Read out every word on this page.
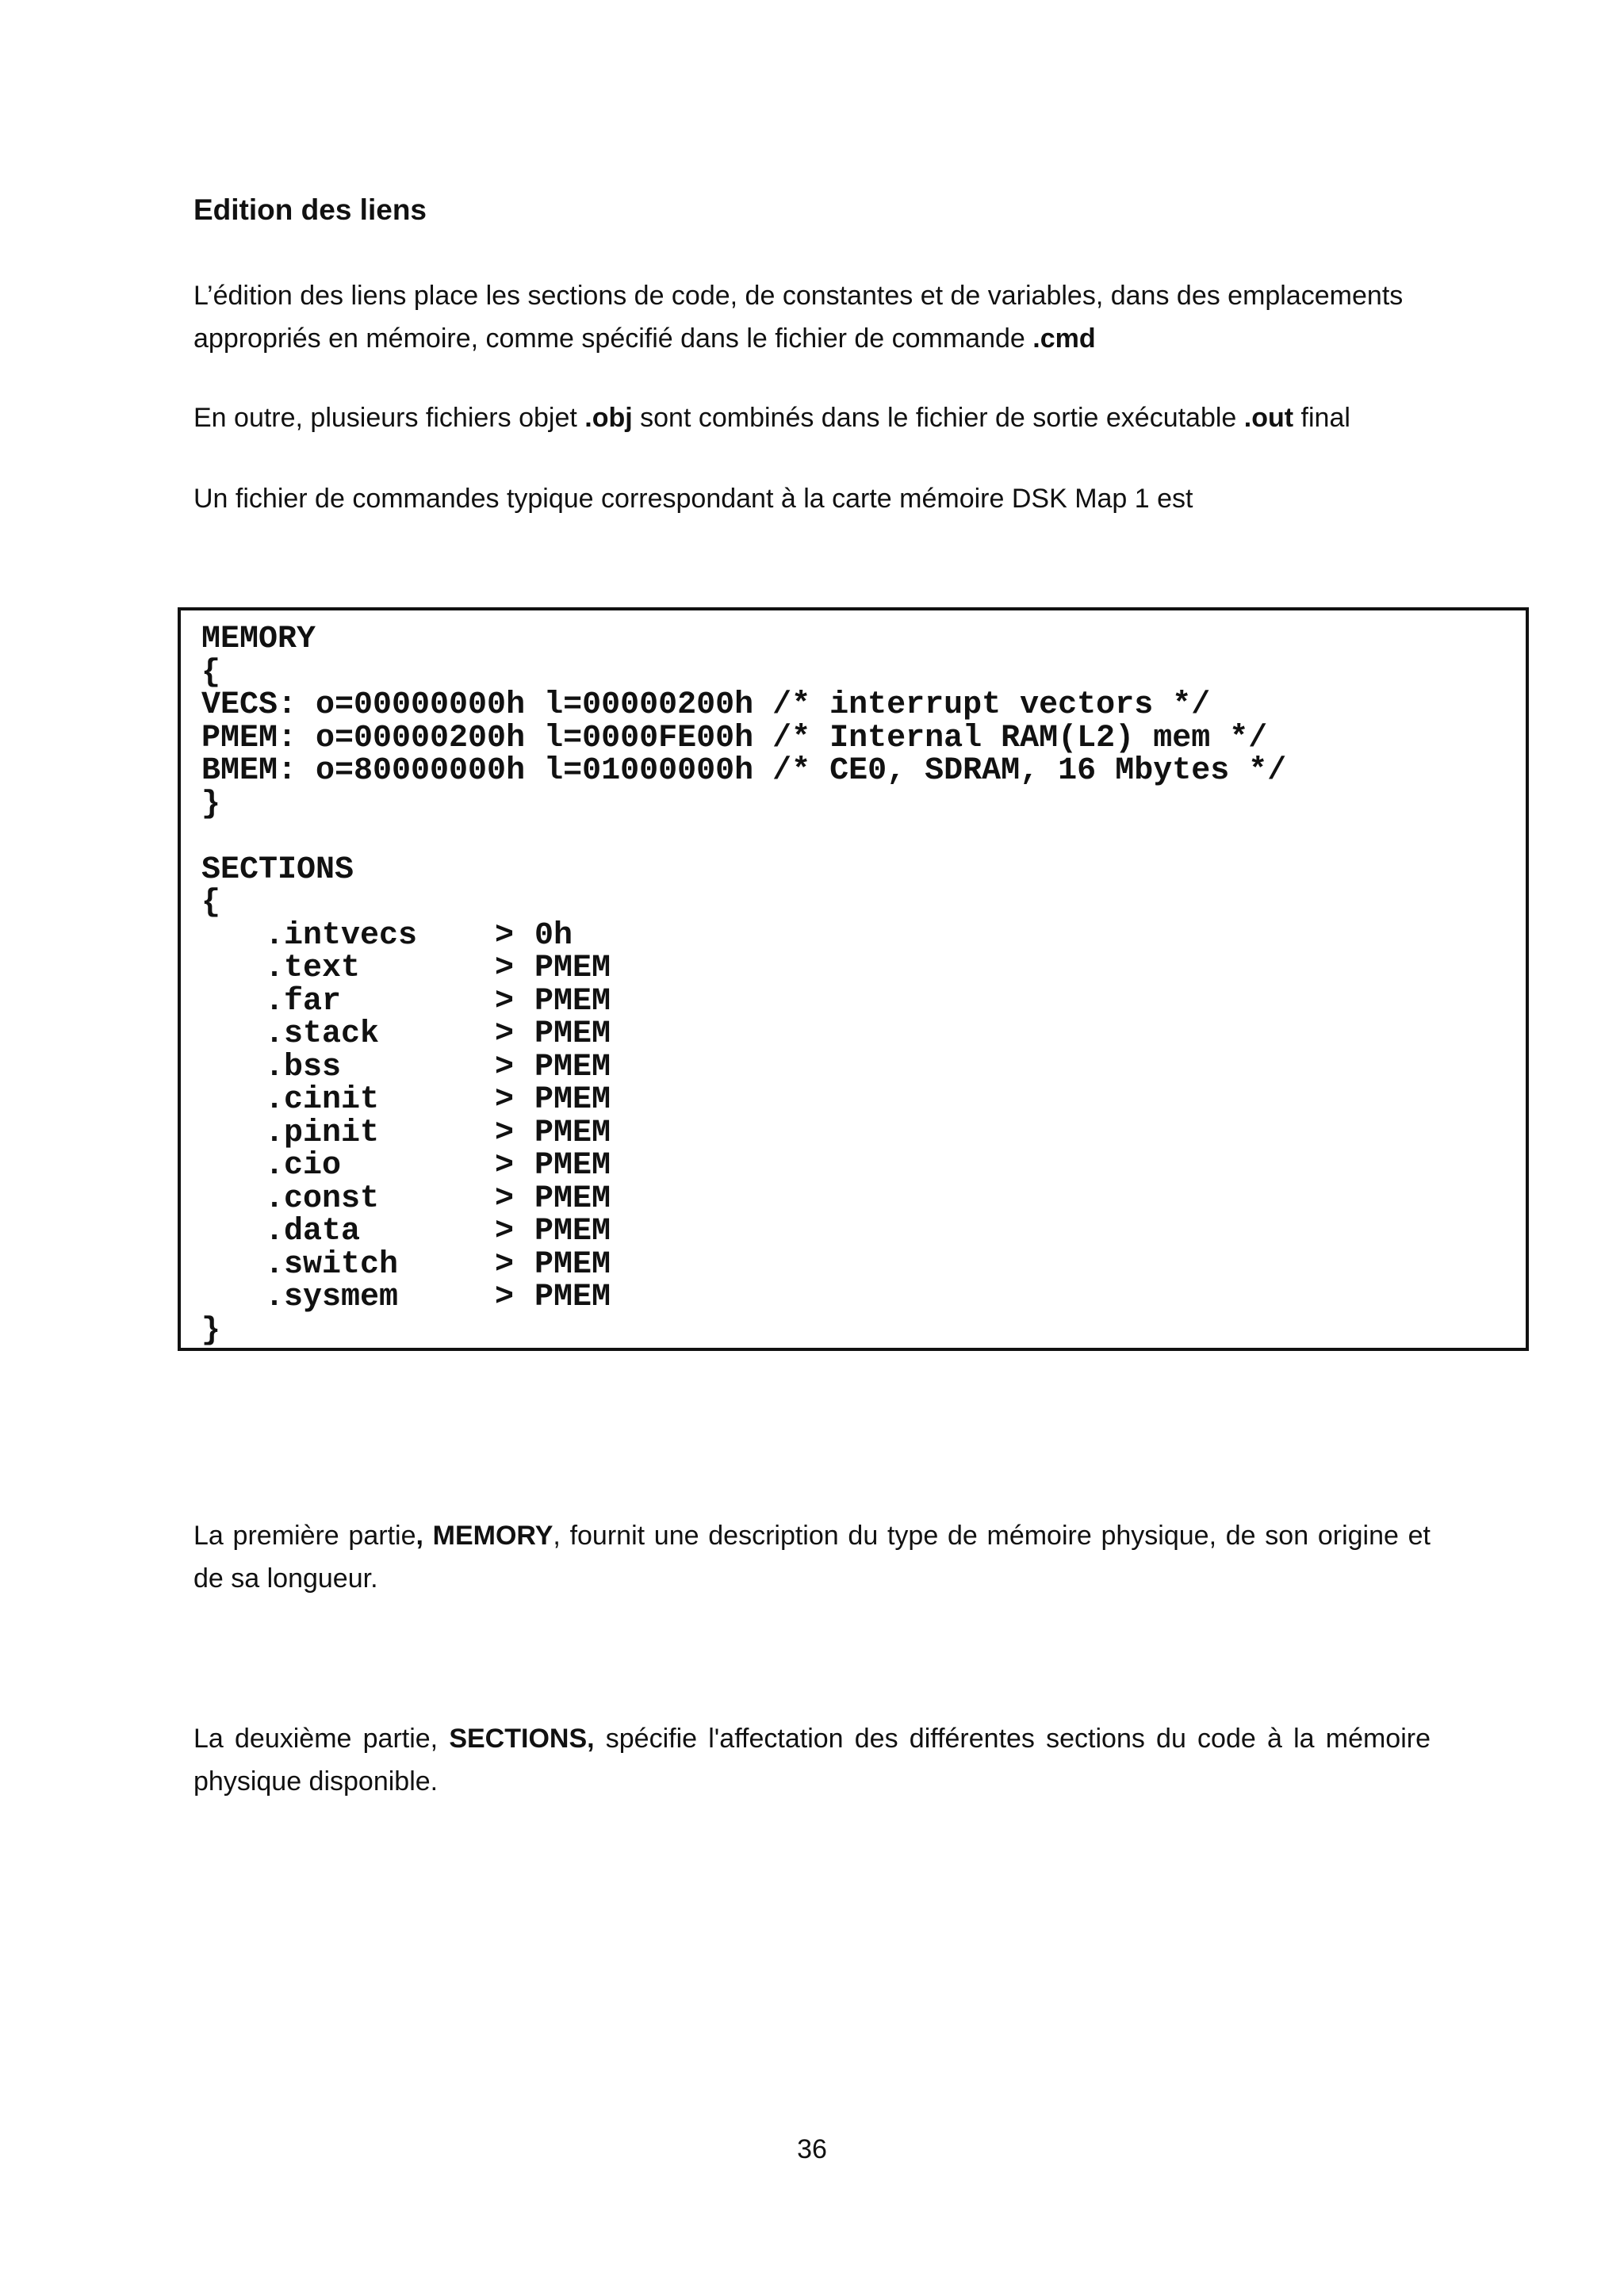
Edition des liens

L’édition des liens place les sections de code, de constantes et de variables, dans des emplacements appropriés en mémoire, comme spécifié dans le fichier de commande .cmd

En outre, plusieurs fichiers objet .obj sont combinés dans le fichier de sortie exécutable .out final

Un fichier de commandes typique correspondant à la carte mémoire DSK Map 1 est

MEMORY
{
VECS: o=00000000h l=00000200h /* interrupt vectors */
PMEM: o=00000200h l=0000FE00h /* Internal RAM(L2) mem */
BMEM: o=80000000h l=01000000h /* CE0, SDRAM, 16 Mbytes */
}
SECTIONS
{
.intvecs	> 0h
.text	> PMEM
.far	> PMEM
.stack	> PMEM
.bss	> PMEM
.cinit	> PMEM
.pinit	> PMEM
.cio	> PMEM
.const	> PMEM
.data	> PMEM
.switch	> PMEM
.sysmem	> PMEM
}

La première partie, MEMORY, fournit une description du type de mémoire physique, de son origine et de sa longueur.

La deuxième partie, SECTIONS, spécifie l'affectation des différentes sections du code à la mémoire physique disponible.

36
